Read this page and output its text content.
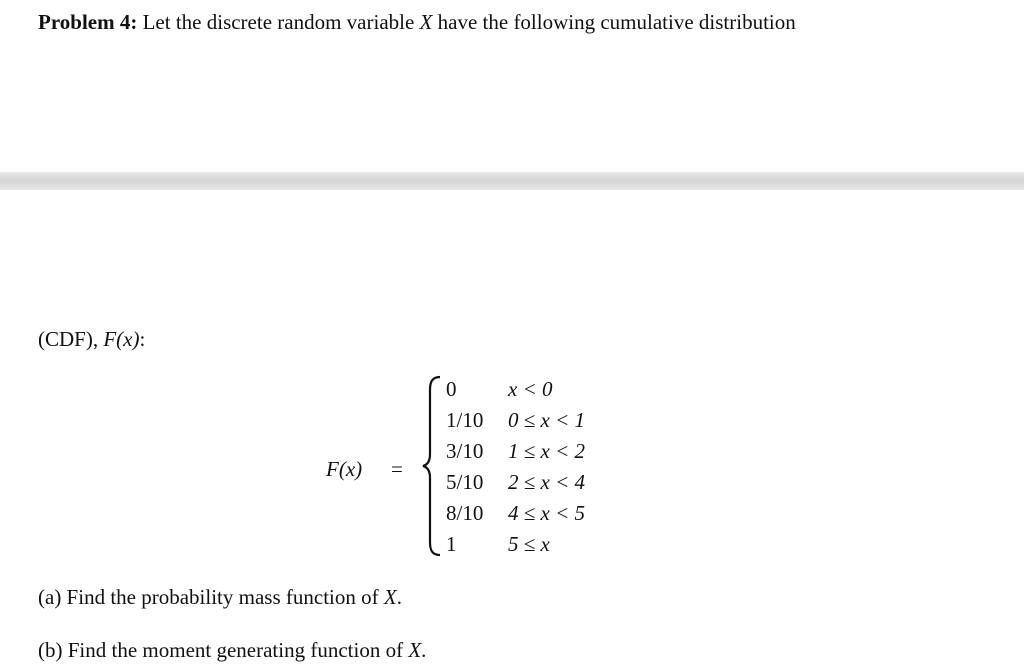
Problem 4: Let the discrete random variable X have the following cumulative distribution
(CDF), F(x):
F(x) =
0 x < 0
1/10 0 ≤ x < 1
3/10 1 ≤ x < 2
5/10 2 ≤ x < 4
8/10 4 ≤ x < 5
1 5 ≤ x
(a) Find the probability mass function of X.
(b) Find the moment generating function of X.
